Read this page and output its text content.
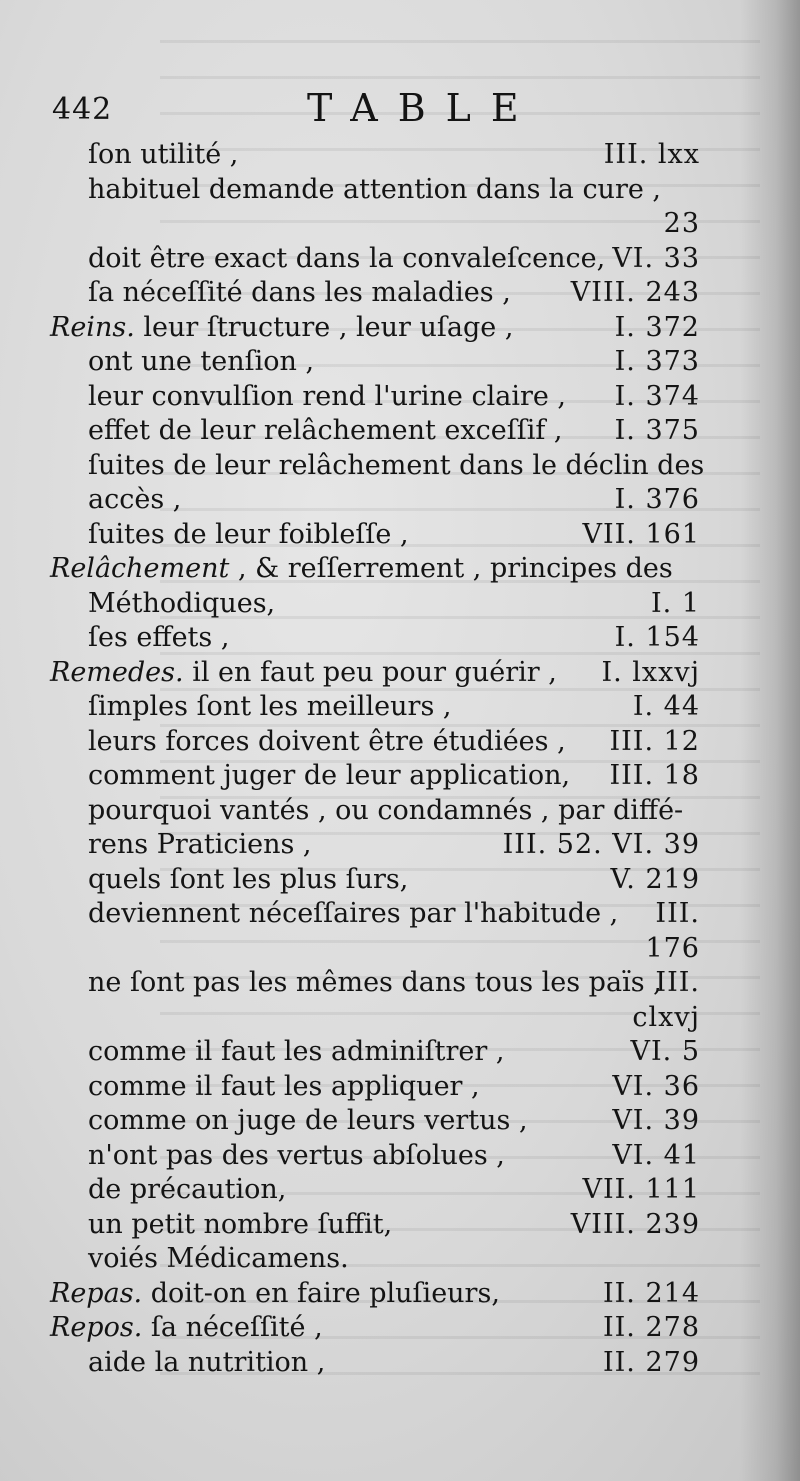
442	TABLE
ſon utilité ,	III. lxx
habituel demande attention dans la cure ,
23
doit être exact dans la convaleſcence, VI. 33
ſa néceſſité dans les maladies , VIII. 243
Reins. leur ſtructure , leur uſage ,	I. 372
ont une tenſion ,	I. 373
leur convulſion rend l'urine claire , I. 374
effet de leur relâchement exceſſif , I. 375
ſuites de leur relâchement dans le déclin des
accès ,	I. 376
ſuites de leur foibleſſe ,	VII. 161
Relâchement , & reſſerrement , principes des
Méthodiques,	I. 1
ſes effets ,	I. 154
Remedes. il en faut peu pour guérir , I. lxxvj
ſimples ſont les meilleurs ,	I. 44
leurs forces doivent être étudiées , III. 12
comment juger de leur application, III. 18
pourquoi vantés , ou condamnés , par diffé-
rens Praticiens ,	III. 52. VI. 39
quels ſont les plus ſurs,	V. 219
deviennent néceſſaires par l'habitude , III.
176
ne ſont pas les mêmes dans tous les païs ,
III.
clxvj
comme il faut les adminiſtrer ,	VI. 5
comme il faut les appliquer ,	VI. 36
comme on juge de leurs vertus ,	VI. 39
n'ont pas des vertus abſolues ,	VI. 41
de précaution,	VII. 111
un petit nombre ſuffit,	VIII. 239
voiés Médicamens.
Repas. doit-on en faire pluſieurs,	II. 214
Repos. ſa néceſſité ,	II. 278
aide la nutrition ,	II. 279
